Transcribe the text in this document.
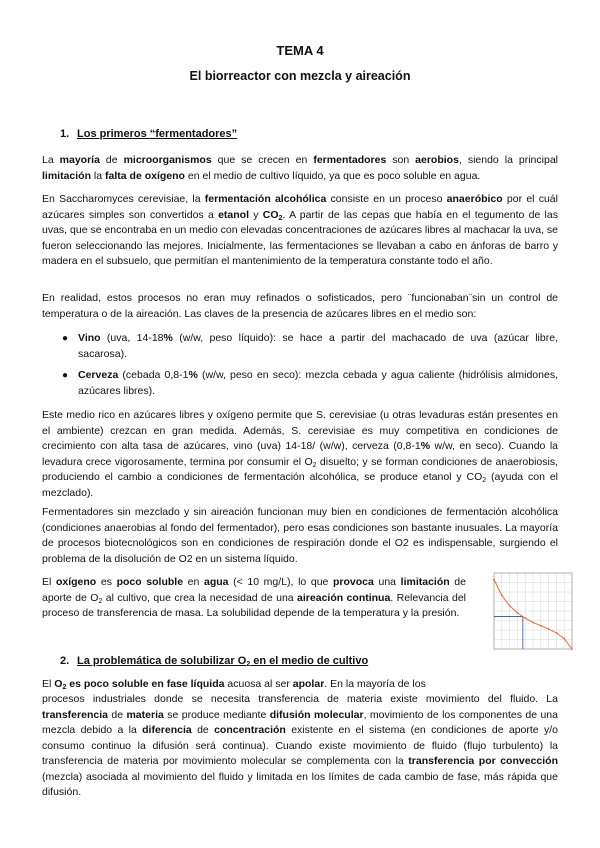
TEMA 4
El biorreactor con mezcla y aireación
1. Los primeros “fermentadores”
La mayoría de microorganismos que se crecen en fermentadores son aerobios, siendo la principal limitación la falta de oxígeno en el medio de cultivo líquido, ya que es poco soluble en agua.
En Saccharomyces cerevisiae, la fermentación alcohólica consiste en un proceso anaeróbico por el cuál azúcares simples son convertidos a etanol y $CO_2$. A partir de las cepas que había en el tegumento de las uvas, que se encontraba en un medio con elevadas concentraciones de azúcares libres al machacar la uva, se fueron seleccionando las mejores. Inicialmente, las fermentaciones se llevaban a cabo en ánforas de barro y madera en el subsuelo, que permitían el mantenimiento de la temperatura constante todo el año.
En realidad, estos procesos no eran muy refinados o sofisticados, pero ¨funcionaban¨sin un control de temperatura o de la aireación. Las claves de la presencia de azúcares libres en el medio son:
● Vino (uva, 14-18% (w/w, peso líquido): se hace a partir del machacado de uva (azúcar libre, sacarosa).
● Cerveza (cebada 0,8-1% (w/w, peso en seco): mezcla cebada y agua caliente (hidrólisis almidones, azúcares libres).
Este medio rico en azúcares libres y oxígeno permite que S. cerevisiae (u otras levaduras están presentes en el ambiente) crezcan en gran medida. Además, S. cerevisiae es muy competitiva en condiciones de crecimiento con alta tasa de azúcares, vino (uva) 14-18/ (w/w), cerveza (0,8-1% w/w, en seco). Cuando la levadura crece vigorosamente, termina por consumir el $O_2$ disuelto; y se forman condiciones de anaerobiosis, produciendo el cambio a condiciones de fermentación alcohólica, se produce etanol y $CO_2$ (ayuda con el mezclado).
Fermentadores sin mezclado y sin aireación funcionan muy bien en condiciones de fermentación alcohólica (condiciones anaerobias al fondo del fermentador), pero esas condiciones son bastante inusuales. La mayoría de procesos biotecnológicos son en condiciones de respiración donde el O2 es indispensable, surgiendo el problema de la disolución de O2 en un sistema líquido.
El oxígeno es poco soluble en agua (< 10 mg/L), lo que provoca una limitación de aporte de $O_2$ al cultivo, que crea la necesidad de una aireación continua. Relevancia del proceso de transferencia de masa. La solubilidad depende de la temperatura y la presión.
2. La problemática de solubilizar $O_2$ en el medio de cultivo
El $O_2$ es poco soluble en fase líquida acuosa al ser apolar. En la mayoría de los
procesos industriales donde se necesita transferencia de materia existe movimiento del fluido. La transferencia de materia se produce mediante difusión molecular, movimiento de los componentes de una mezcla debido a la diferencia de concentración existente en el sistema (en condiciones de aporte y/o consumo continuo la difusión será continua). Cuando existe movimiento de fluido (flujo turbulento) la transferencia de materia por movimiento molecular se complementa con la transferencia por convección (mezcla) asociada al movimiento del fluido y limitada en los límites de cada cambio de fase, más rápida que difusión.
